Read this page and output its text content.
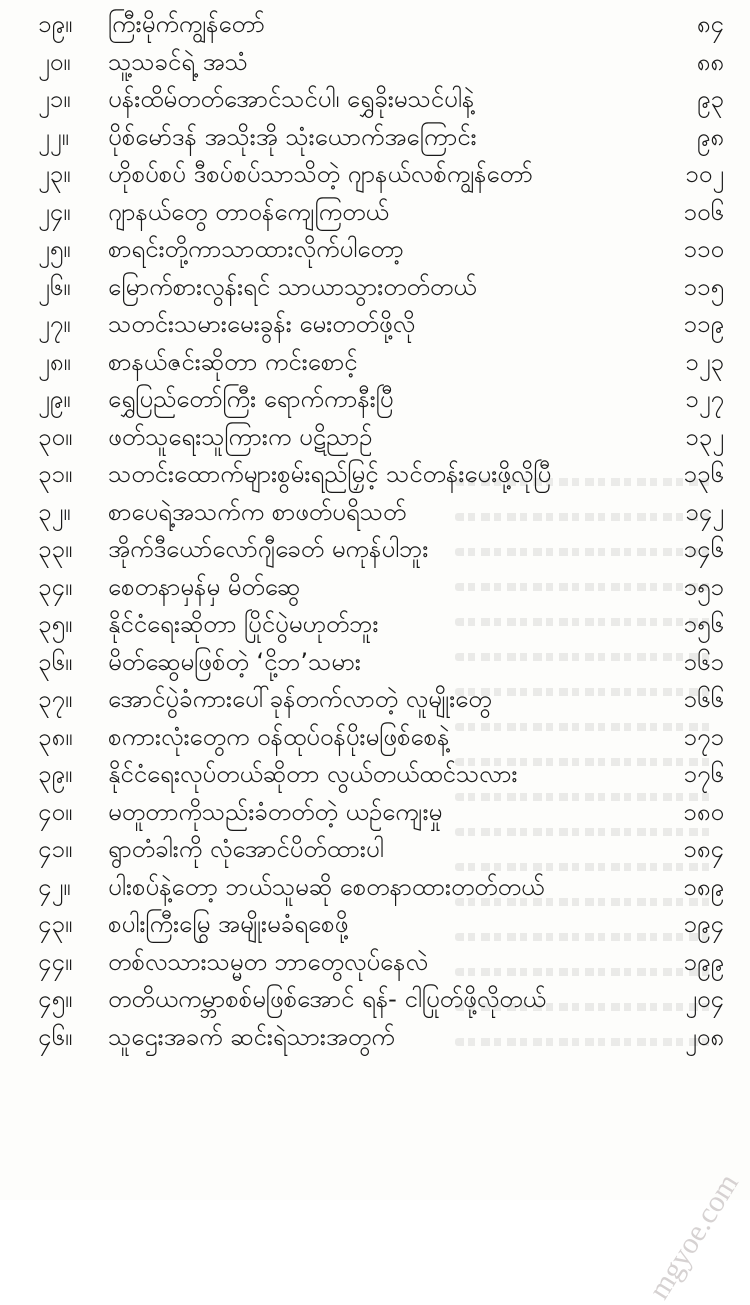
၁၉။	ကြီးမိုက်ကျွန်တော်	၈၄
၂၀။	သူ့သခင်ရဲ့ အသံ	၈၈
၂၁။	ပန်းထိမ်တတ်အောင်သင်ပါ၊ ရွှေခိုးမသင်ပါနဲ့	၉၃
၂၂။	ပိုစ်မော်ဒန် အသိုးအို သုံးယောက်အကြောင်း	၉၈
၂၃။	ဟိုစပ်စပ် ဒီစပ်စပ်သာသိတဲ့ ဂျာနယ်လစ်ကျွန်တော်	၁၀၂
၂၄။	ဂျာနယ်တွေ တာဝန်ကျေကြတယ်	၁၀၆
၂၅။	စာရင်းတို့ကာသာထားလိုက်ပါတော့	၁၁၀
၂၆။	မြောက်စားလွန်းရင် သာယာသွားတတ်တယ်	၁၁၅
၂၇။	သတင်းသမားမေးခွန်း မေးတတ်ဖို့လို	၁၁၉
၂၈။	စာနယ်ဇင်းဆိုတာ ကင်းစောင့်	၁၂၃
၂၉။	ရွှေပြည်တော်ကြီး ရောက်ကာနီးပြီ	၁၂၇
၃၀။	ဖတ်သူရေးသူကြားက ပဋိညာဉ်	၁၃၂
၃၁။	သတင်းထောက်များစွမ်းရည်မြှင့် သင်တန်းပေးဖို့လိုပြီ	၁၃၆
၃၂။	စာပေရဲ့အသက်က စာဖတ်ပရိသတ်	၁၄၂
၃၃။	အိုက်ဒီယော်လော်ဂျီခေတ် မကုန်ပါဘူး	၁၄၆
၃၄။	စေတနာမှန်မှ မိတ်ဆွေ	၁၅၁
၃၅။	နိုင်ငံရေးဆိုတာ ပြိုင်ပွဲမဟုတ်ဘူး	၁၅၆
၃၆။	မိတ်ဆွေမဖြစ်တဲ့ ‘ငို့ဘ’သမား	၁၆၁
၃၇။	အောင်ပွဲခံကားပေါ်ခုန်တက်လာတဲ့ လူမျိုးတွေ	၁၆၆
၃၈။	စကားလုံးတွေက ဝန်ထုပ်ဝန်ပိုးမဖြစ်စေနဲ့	၁၇၁
၃၉။	နိုင်ငံရေးလုပ်တယ်ဆိုတာ လွယ်တယ်ထင်သလား	၁၇၆
၄၀။	မတူတာကိုသည်းခံတတ်တဲ့ ယဉ်ကျေးမှု	၁၈၀
၄၁။	ရွာတံခါးကို လုံအောင်ပိတ်ထားပါ	၁၈၄
၄၂။	ပါးစပ်နဲ့တော့ ဘယ်သူမဆို စေတနာထားတတ်တယ်	၁၈၉
၄၃။	စပါးကြီးမြွေ အမျိုးမခံရစေဖို့	၁၉၄
၄၄။	တစ်လသားသမ္မတ ဘာတွေလုပ်နေလဲ	၁၉၉
၄၅။	တတိယကမ္ဘာစစ်မဖြစ်အောင် ရန်- ငါပြုတ်ဖို့လိုတယ်	၂၀၄
၄၆။	သူဌေးအခက် ဆင်းရဲသားအတွက်	၂၀၈
mgyoe.com
